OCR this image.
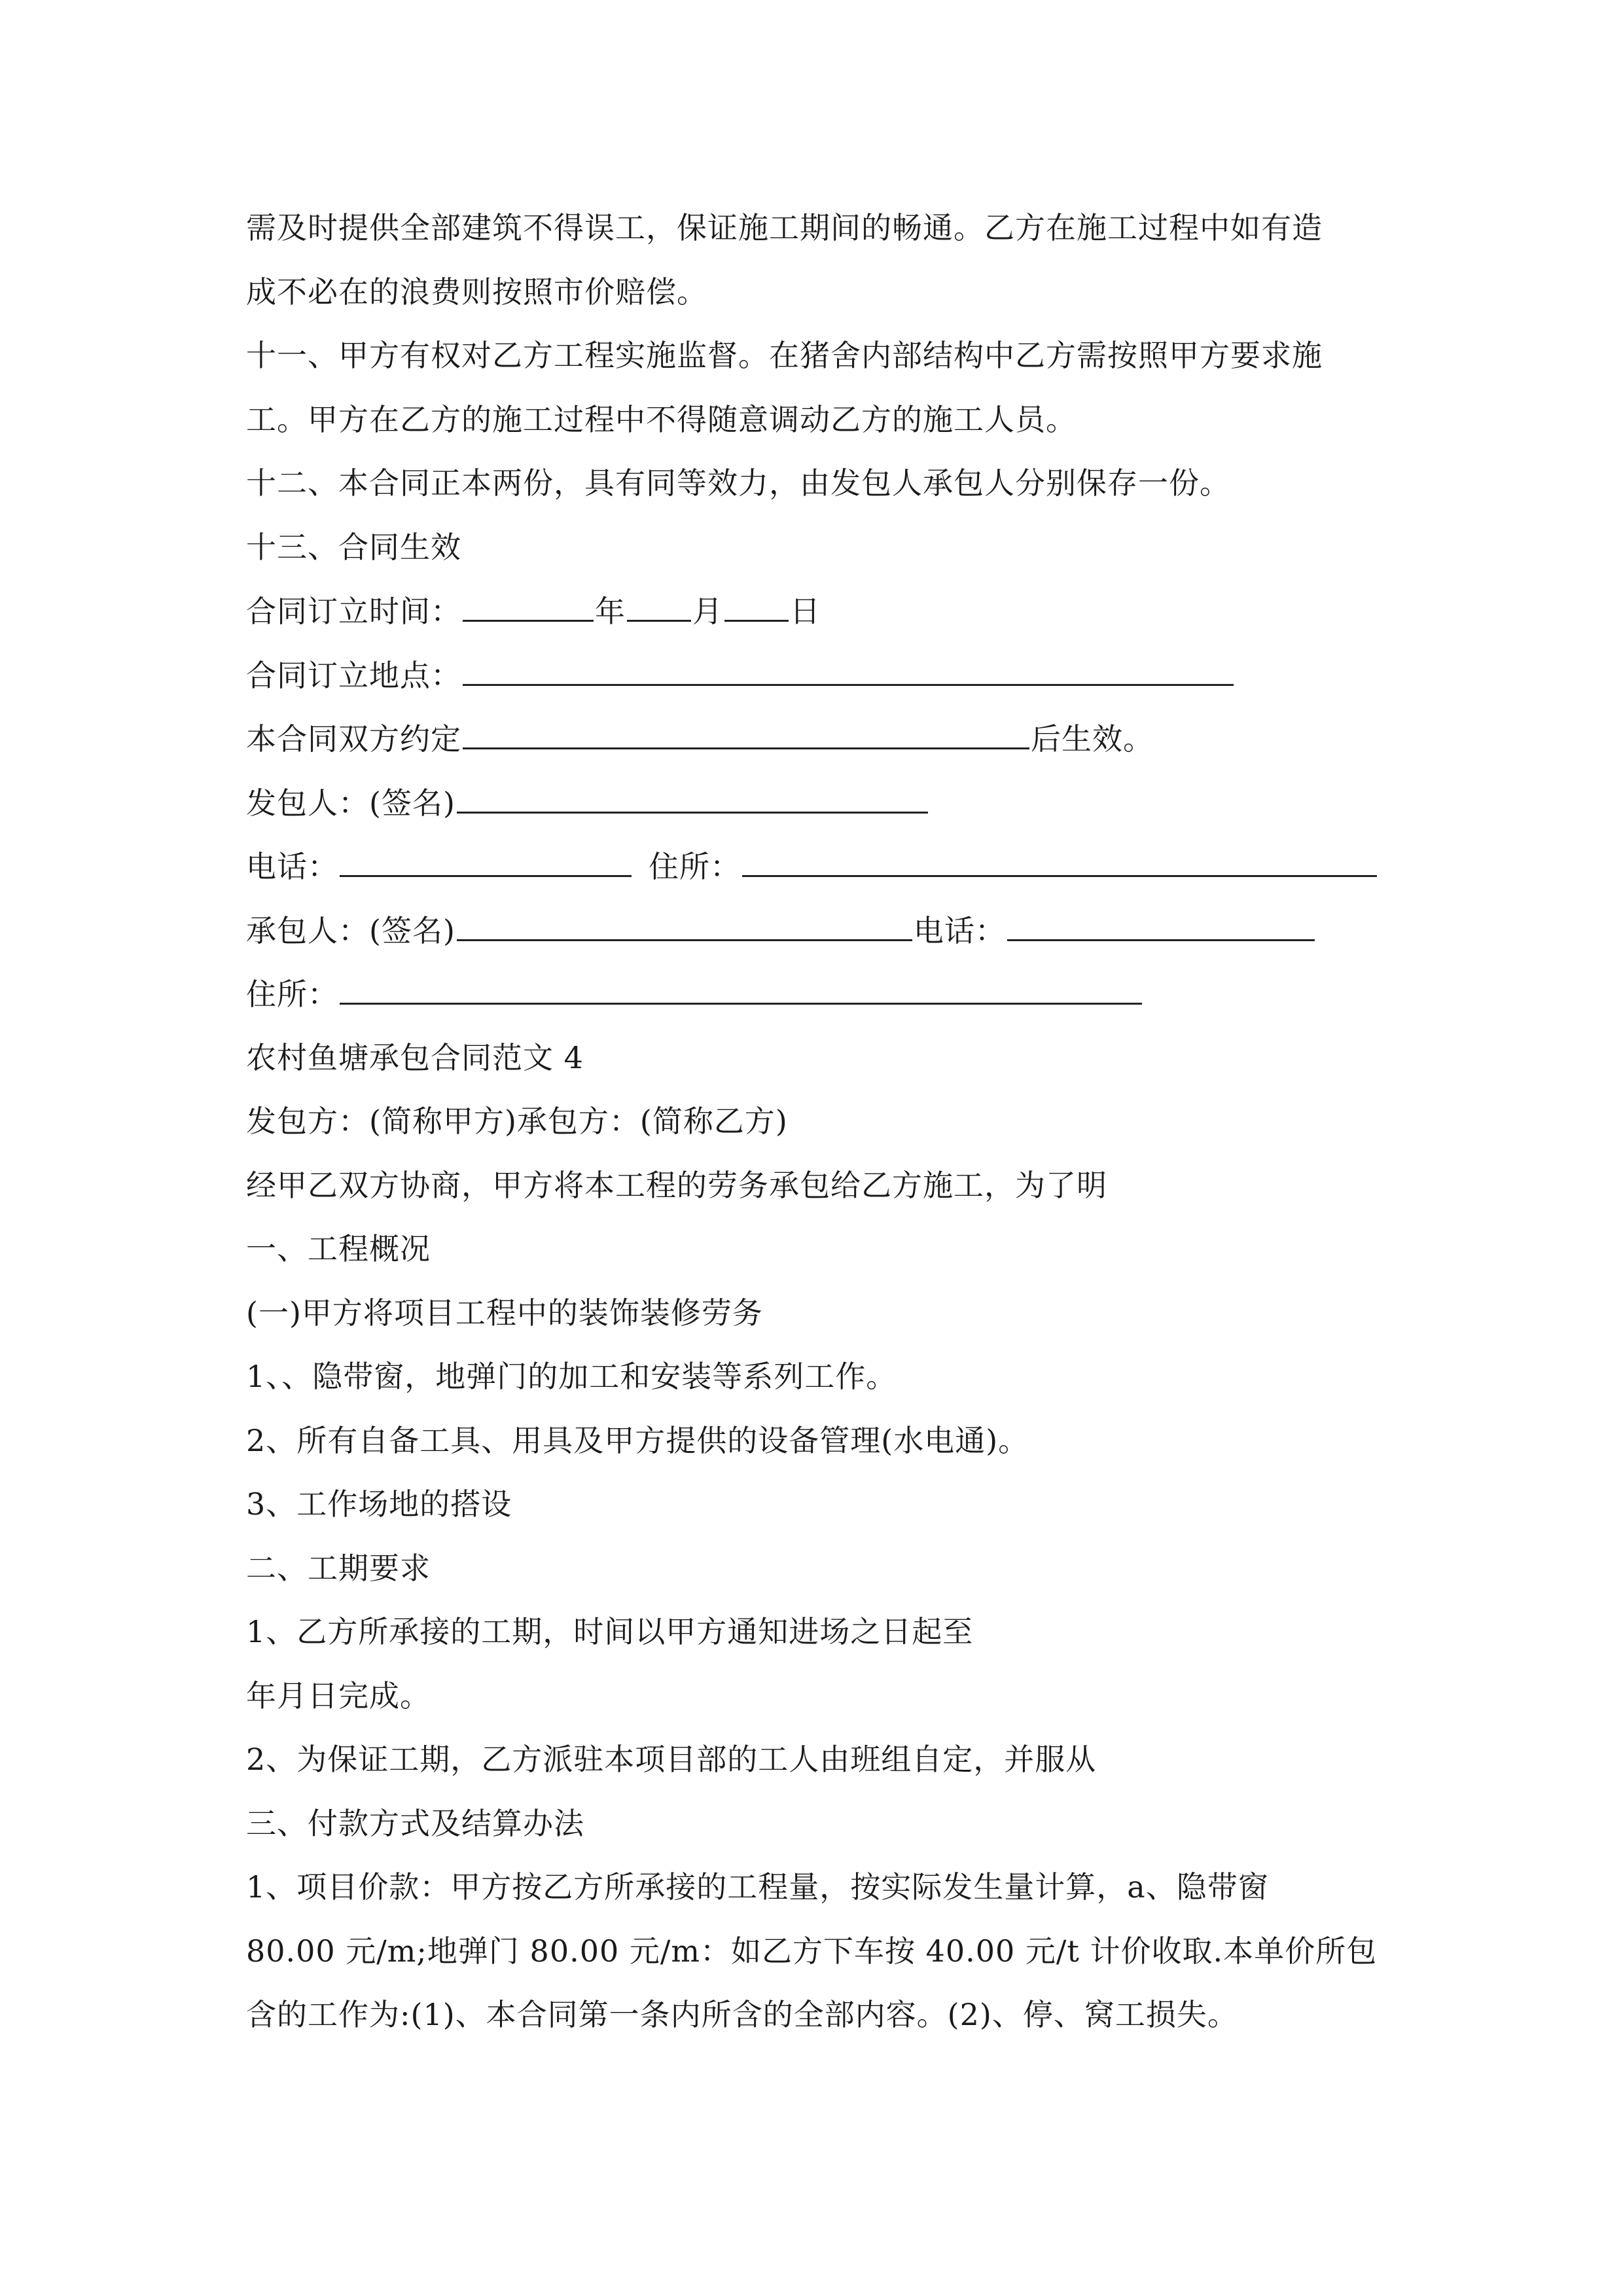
需及时提供全部建筑不得误工，保证施工期间的畅通。乙方在施工过程中如有造
成不必在的浪费则按照市价赔偿。
十一、甲方有权对乙方工程实施监督。在猪舍内部结构中乙方需按照甲方要求施
工。甲方在乙方的施工过程中不得随意调动乙方的施工人员。
十二、本合同正本两份，具有同等效力，由发包人承包人分别保存一份。
十三、合同生效
合同订立时间：	年 月 日
合同订立地点：
本合同双方约定	后生效。
发包人：(签名)
电话：	住所：
承包人：(签名)	电话：
住所：
农村鱼塘承包合同范文 4
发包方：(简称甲方)承包方：(简称乙方)
经甲乙双方协商，甲方将本工程的劳务承包给乙方施工，为了明
一、工程概况
(一)甲方将项目工程中的装饰装修劳务
1、、隐带窗，地弹门的加工和安装等系列工作。
2、所有自备工具、用具及甲方提供的设备管理(水电通)。
3、工作场地的搭设
二、工期要求
1、乙方所承接的工期，时间以甲方通知进场之日起至
年月日完成。
2、为保证工期，乙方派驻本项目部的工人由班组自定，并服从
三、付款方式及结算办法
1、项目价款：甲方按乙方所承接的工程量，按实际发生量计算，a、隐带窗
80.00 元/m;地弹门 80.00 元/m：如乙方下车按 40.00 元/t 计价收取.本单价所包
含的工作为:(1)、本合同第一条内所含的全部内容。(2)、停、窝工损失。
